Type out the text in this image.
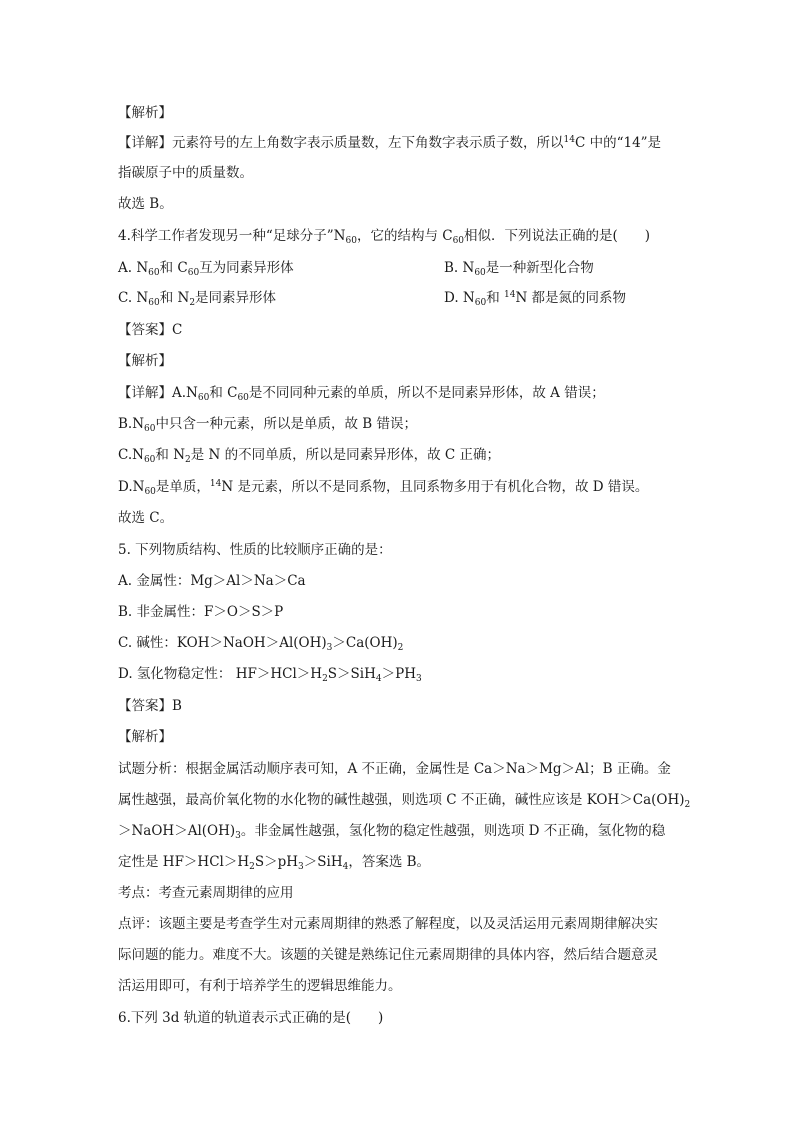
【解析】
【详解】元素符号的左上角数字表示质量数，左下角数字表示质子数，所以$^{14}$C 中的“14”是
指碳原子中的质量数。
故选 B。
4.科学工作者发现另一种“足球分子$”N_{60}$，它的结构与 $C_{60}$相似．下列说法正确的是(　　)
A. $N_{60}$和 $C_{60}$互为同素异形体	B. $N_{60}$是一种新型化合物
C. $N_{60}$和 $N_2$是同素异形体	D. $N_{60}$和 $^{14}$N 都是氮的同系物
【答案】C
【解析】
【详解】$A.N_{60}$和 $C_{60}$是不同同种元素的单质，所以不是同素异形体，故 A 错误；
$B.N_{60}$中只含一种元素，所以是单质，故 B 错误；
$C.N_{60}$和 $N_2$是 N 的不同单质，所以是同素异形体，故 C 正确；
$D.N_{60}$是单质，$^{14}$N 是元素，所以不是同系物，且同系物多用于有机化合物，故 D 错误。
故选 C。
5. 下列物质结构、性质的比较顺序正确的是：
A. 金属性：Mg＞Al＞Na＞Ca
B. 非金属性：F＞O＞S＞P
C. 碱性：$KOH>NaOH>Al(OH)_3>Ca(OH)_2$
D. 氢化物稳定性： $HF>HCl>H_2S>SiH_4>PH_3$
【答案】B
【解析】
试题分析：根据金属活动顺序表可知，A 不正确，金属性是 Ca＞Na＞Mg＞Al；B 正确。金
属性越强，最高价氧化物的水化物的碱性越强，则选项 C 不正确，碱性应该是 $KOH>Ca(OH)_2$
$>NaOH>Al(OH)_3$。非金属性越强，氢化物的稳定性越强，则选项 D 不正确，氢化物的稳
定性是 $HF>HCl>H_2S>pH_3>SiH_4$，答案选 B。
考点：考查元素周期律的应用
点评：该题主要是考查学生对元素周期律的熟悉了解程度，以及灵活运用元素周期律解决实
际问题的能力。难度不大。该题的关键是熟练记住元素周期律的具体内容，然后结合题意灵
活运用即可，有利于培养学生的逻辑思维能力。
6.下列 3d 轨道的轨道表示式正确的是(　　)
